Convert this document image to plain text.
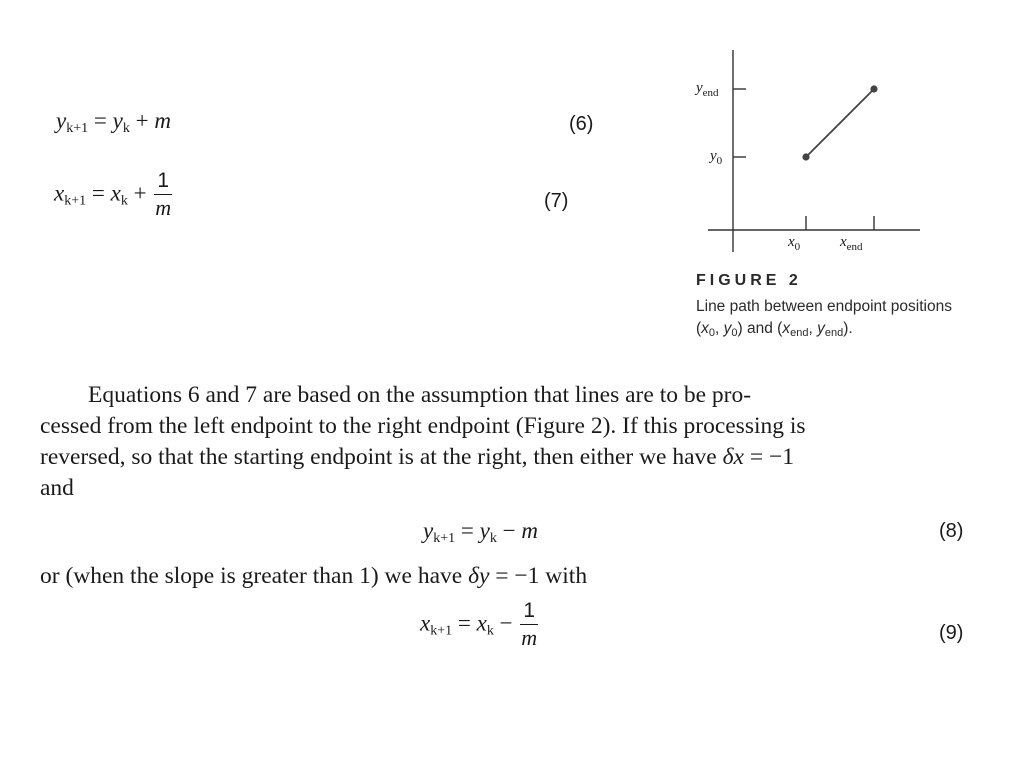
$y_{k+1} = y_k + m$	(6)
$x_{k+1} = x_k + \frac{1}{m}$	(7)
$y_{end}$
$y_0$
$x_0$	$x_{end}$
FIGURE 2
Line path between endpoint positions
($x_0$, $y_0$) and ($x_{end}$, $y_{end}$).
Equations 6 and 7 are based on the assumption that lines are to be pro-
cessed from the left endpoint to the right endpoint (Figure 2). If this processing is
reversed, so that the starting endpoint is at the right, then either we have δx = −1
and
$y_{k+1} = y_k - m$	(8)
or (when the slope is greater than 1) we have δy = −1 with
$x_{k+1} = x_k - \frac{1}{m}$	(9)
